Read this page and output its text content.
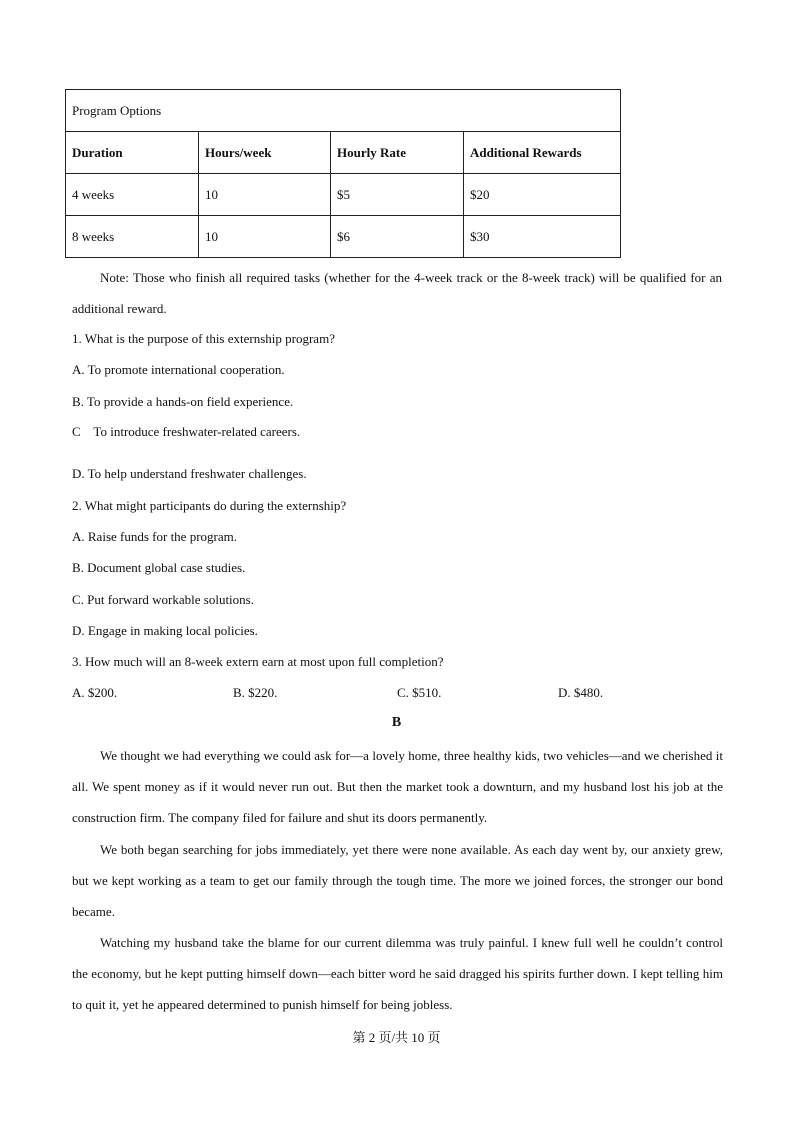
Program Options			
Duration	Hours/week	Hourly Rate	Additional Rewards
4 weeks	10	$5	$20
8 weeks	10	$6	$30
Note: Those who finish all required tasks (whether for the 4-week track or the 8-week track) will be qualified for an additional reward.
1. What is the purpose of this externship program?
A. To promote international cooperation.
B. To provide a hands-on field experience.
C    To introduce freshwater-related careers.
D. To help understand freshwater challenges.
2. What might participants do during the externship?
A. Raise funds for the program.
B. Document global case studies.
C. Put forward workable solutions.
D. Engage in making local policies.
3. How much will an 8-week extern earn at most upon full completion?
A. $200.	B. $220.	C. $510.	D. $480.
B
We thought we had everything we could ask for—a lovely home, three healthy kids, two vehicles—and we cherished it all. We spent money as if it would never run out. But then the market took a downturn, and my husband lost his job at the construction firm. The company filed for failure and shut its doors permanently.
We both began searching for jobs immediately, yet there were none available. As each day went by, our anxiety grew, but we kept working as a team to get our family through the tough time. The more we joined forces, the stronger our bond became.
Watching my husband take the blame for our current dilemma was truly painful. I knew full well he couldn’t control the economy, but he kept putting himself down—each bitter word he said dragged his spirits further down. I kept telling him to quit it, yet he appeared determined to punish himself for being jobless.
第 2 页/共 10 页
